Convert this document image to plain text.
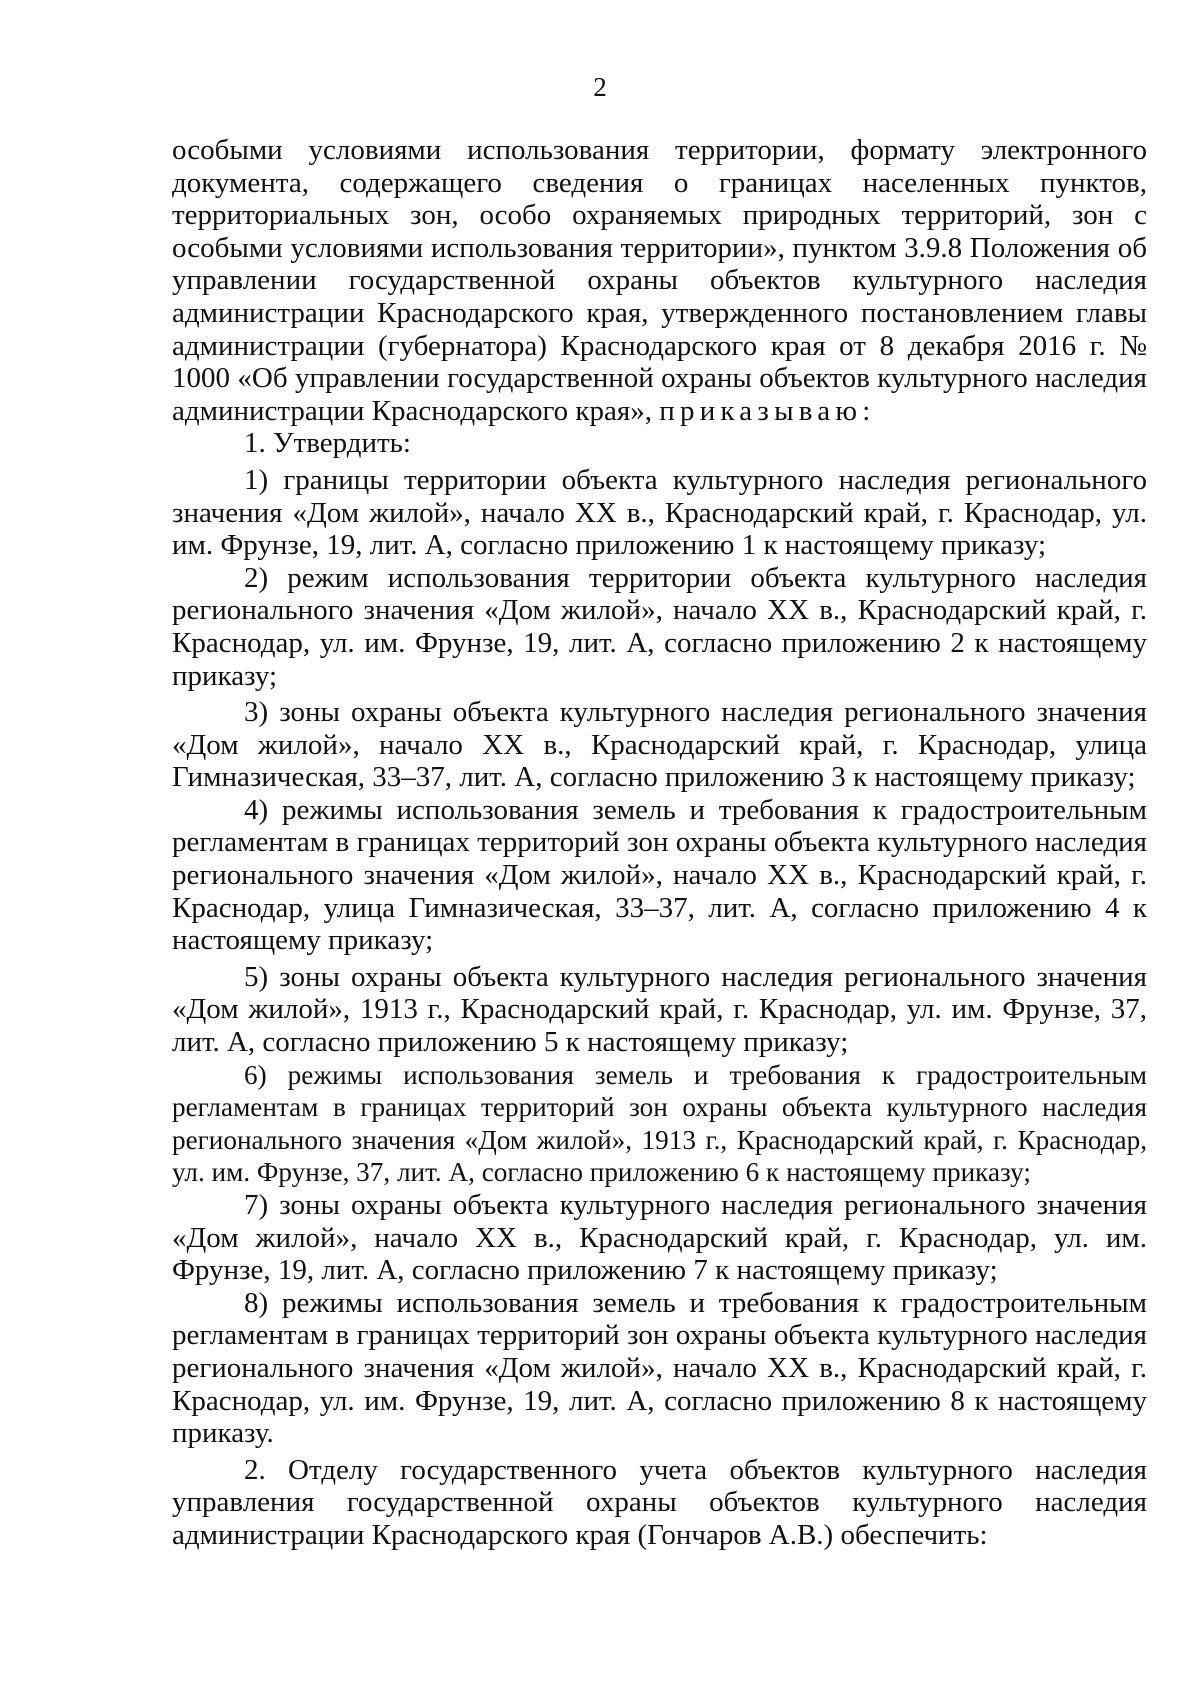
2

особыми условиями использования территории, формату электронного документа, содержащего сведения о границах населенных пунктов, территориальных зон, особо охраняемых природных территорий, зон с особыми условиями использования территории», пунктом 3.9.8 Положения об управлении государственной охраны объектов культурного наследия администрации Краснодарского края, утвержденного постановлением главы администрации (губернатора) Краснодарского края от 8 декабря 2016 г. № 1000 «Об управлении государственной охраны объектов культурного наследия администрации Краснодарского края», приказываю:

1. Утвердить:

1) границы территории объекта культурного наследия регионального значения «Дом жилой», начало XX в., Краснодарский край, г. Краснодар, ул. им. Фрунзе, 19, лит. А, согласно приложению 1 к настоящему приказу;

2) режим использования территории объекта культурного наследия регионального значения «Дом жилой», начало XX в., Краснодарский край, г. Краснодар, ул. им. Фрунзе, 19, лит. А, согласно приложению 2 к настоящему приказу;

3) зоны охраны объекта культурного наследия регионального значения «Дом жилой», начало XX в., Краснодарский край, г. Краснодар, улица Гимназическая, 33–37, лит. А, согласно приложению 3 к настоящему приказу;

4) режимы использования земель и требования к градостроительным регламентам в границах территорий зон охраны объекта культурного наследия регионального значения «Дом жилой», начало XX в., Краснодарский край, г. Краснодар, улица Гимназическая, 33–37, лит. А, согласно приложению 4 к настоящему приказу;

5) зоны охраны объекта культурного наследия регионального значения «Дом жилой», 1913 г., Краснодарский край, г. Краснодар, ул. им. Фрунзе, 37, лит. А, согласно приложению 5 к настоящему приказу;

6) режимы использования земель и требования к градостроительным регламентам в границах территорий зон охраны объекта культурного наследия регионального значения «Дом жилой», 1913 г., Краснодарский край, г. Краснодар, ул. им. Фрунзе, 37, лит. А, согласно приложению 6 к настоящему приказу;

7) зоны охраны объекта культурного наследия регионального значения «Дом жилой», начало XX в., Краснодарский край, г. Краснодар, ул. им. Фрунзе, 19, лит. А, согласно приложению 7 к настоящему приказу;

8) режимы использования земель и требования к градостроительным регламентам в границах территорий зон охраны объекта культурного наследия регионального значения «Дом жилой», начало XX в., Краснодарский край, г. Краснодар, ул. им. Фрунзе, 19, лит. А, согласно приложению 8 к настоящему приказу.

2. Отделу государственного учета объектов культурного наследия управления государственной охраны объектов культурного наследия администрации Краснодарского края (Гончаров А.В.) обеспечить:
